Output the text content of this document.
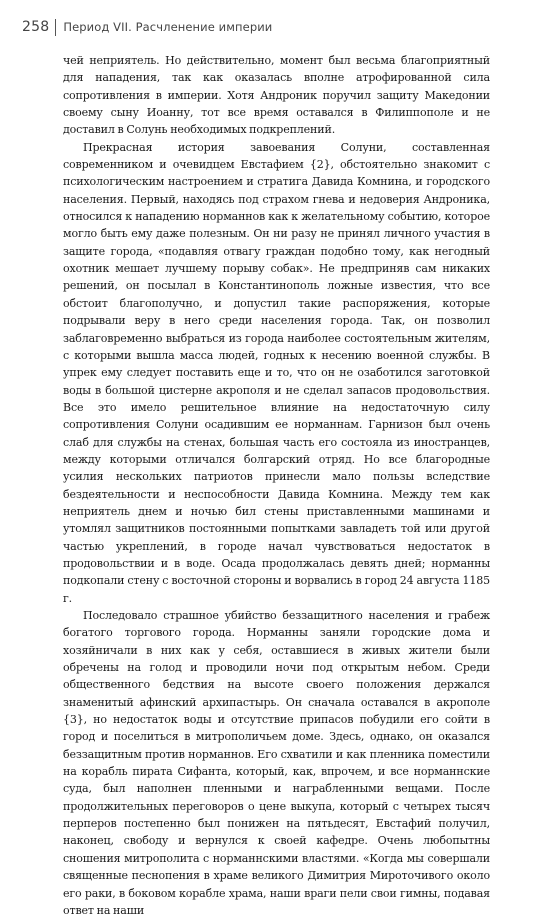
258 Период VII. Расчленение империи

чей неприятель. Но действительно, момент был весьма благоприятный для нападения, так как оказалась вполне атрофированной сила сопротивления в империи. Хотя Андроник поручил защиту Македонии своему сыну Иоанну, тот все время оставался в Филиппополе и не доставил в Солунь необходимых подкреплений.

Прекрасная история завоевания Солуни, составленная современником и очевидцем Евстафием {2}, обстоятельно знакомит с психологическим настроением и стратига Давида Комнина, и городского населения. Первый, находясь под страхом гнева и недоверия Андроника, относился к нападению норманнов как к желательному событию, которое могло быть ему даже полезным. Он ни разу не принял личного участия в защите города, «подавляя отвагу граждан подобно тому, как негодный охотник мешает лучшему порыву собак». Не предприняв сам никаких решений, он посылал в Константинополь ложные известия, что все обстоит благополучно, и допустил такие распоряжения, которые подрывали веру в него среди населения города. Так, он позволил заблаговременно выбраться из города наиболее состоятельным жителям, с которыми вышла масса людей, годных к несению военной службы. В упрек ему следует поставить еще и то, что он не озаботился заготовкой воды в большой цистерне акрополя и не сделал запасов продовольствия. Все это имело решительное влияние на недостаточную силу сопротивления Солуни осадившим ее норманнам. Гарнизон был очень слаб для службы на стенах, большая часть его состояла из иностранцев, между которыми отличался болгарский отряд. Но все благородные усилия нескольких патриотов принесли мало пользы вследствие бездеятельности и неспособности Давида Комнина. Между тем как неприятель днем и ночью бил стены приставленными машинами и утомлял защитников постоянными попытками завладеть той или другой частью укреплений, в городе начал чувствоваться недостаток в продовольствии и в воде. Осада продолжалась девять дней; норманны подкопали стену с восточной стороны и ворвались в город 24 августа 1185 г.

Последовало страшное убийство беззащитного населения и грабеж богатого торгового города. Норманны заняли городские дома и хозяйничали в них как у себя, оставшиеся в живых жители были обречены на голод и проводили ночи под открытым небом. Среди общественного бедствия на высоте своего положения держался знаменитый афинский архипастырь. Он сначала оставался в акрополе {3}, но недостаток воды и отсутствие припасов побудили его сойти в город и поселиться в митрополичьем доме. Здесь, однако, он оказался беззащитным против норманнов. Его схватили и как пленника поместили на корабль пирата Сифанта, который, как, впрочем, и все норманнские суда, был наполнен пленными и награбленными вещами. После продолжительных переговоров о цене выкупа, который с четырех тысяч перперов постепенно был понижен на пятьдесят, Евстафий получил, наконец, свободу и вернулся к своей кафедре. Очень любопытны сношения митрополита с норманнскими властями. «Когда мы совершали священные песнопения в храме великого Димитрия Мироточивого около его раки, в боковом корабле храма, наши враги пели свои гимны, подавая ответ на наши
